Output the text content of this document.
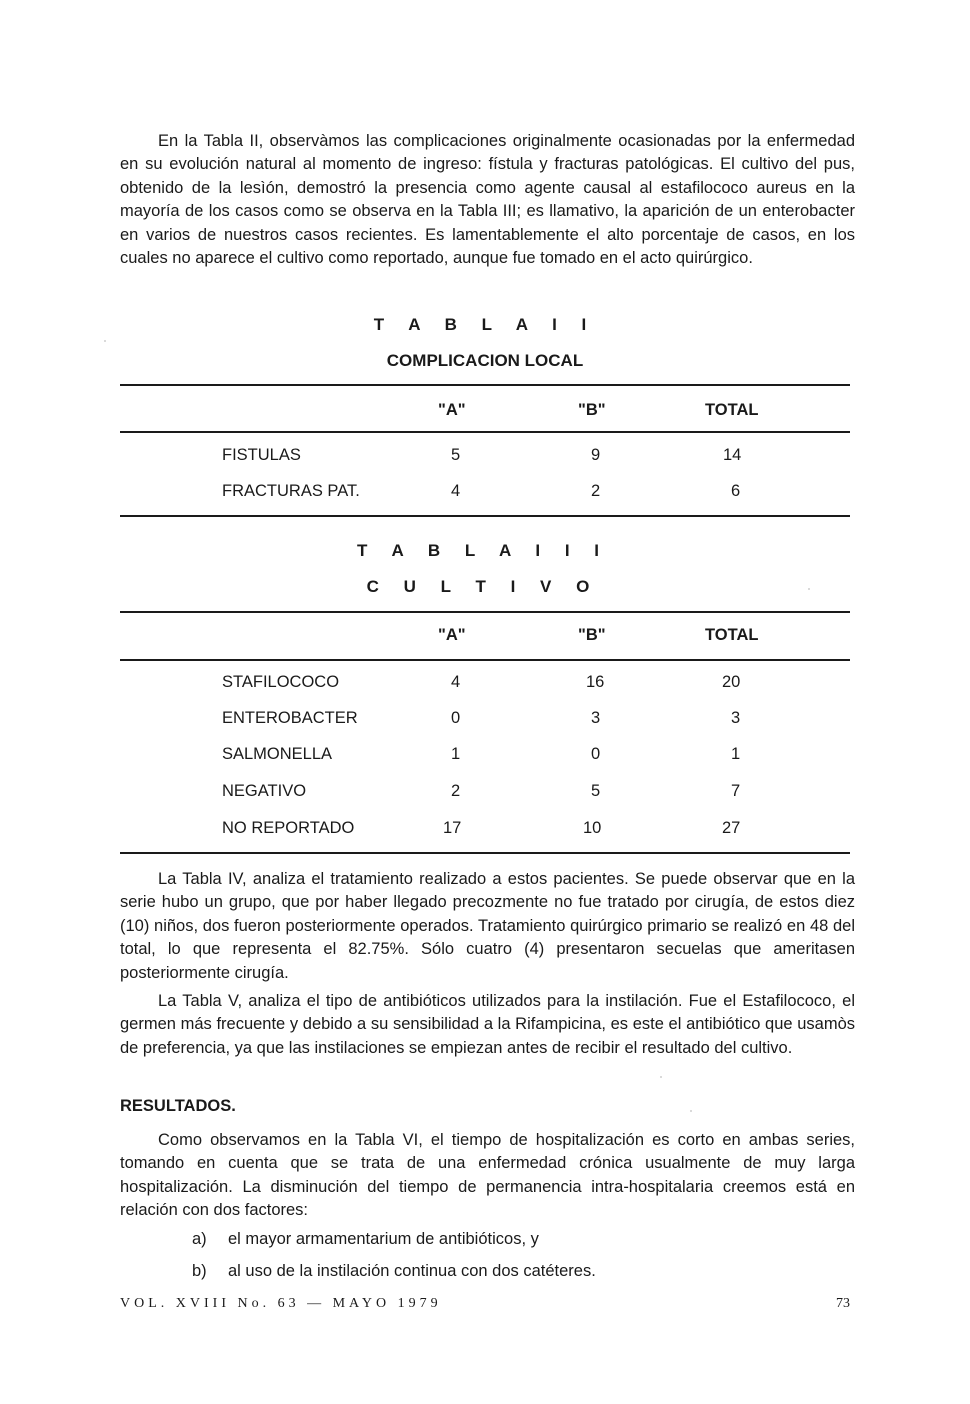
En la Tabla II, observàmos las complicaciones originalmente ocasionadas por la enfermedad en su evolución natural al momento de ingreso: fístula y fracturas patológicas. El cultivo del pus, obtenido de la lesìón, demostró la presencia como agente causal al estafilococo aureus en la mayoría de los casos como se observa en la Tabla III; es llamativo, la aparición de un enterobacter en varios de nuestros casos recientes. Es lamentablemente el alto porcentaje de casos, en los cuales no aparece el cultivo como reportado, aunque fue tomado en el acto quirúrgico.

T A B L A I I

COMPLICACION LOCAL

"A"	"B"	TOTAL
FISTULAS	5	9	14
FRACTURAS PAT.	4	2	6

T A B L A I I I

C U L T I V O

"A"	"B"	TOTAL
STAFILOCOCO	4	16	20
ENTEROBACTER	0	3	3
SALMONELLA	1	0	1
NEGATIVO	2	5	7
NO REPORTADO	17	10	27

La Tabla IV, analiza el tratamiento realizado a estos pacientes. Se puede observar que en la serie hubo un grupo, que por haber llegado precozmente no fue tratado por cirugía, de estos diez (10) niños, dos fueron posteriormente operados. Tratamiento quirúrgico primario se realizó en 48 del total, lo que representa el 82.75%. Sólo cuatro (4) presentaron secuelas que ameritasen posteriormente cirugía.

La Tabla V, analiza el tipo de antibióticos utilizados para la instilación. Fue el Estafilococo, el germen más frecuente y debido a su sensibilidad a la Rifampicina, es este el antibiótico que usamòs de preferencia, ya que las instilaciones se empiezan antes de recibir el resultado del cultivo.

RESULTADOS.

Como observamos en la Tabla VI, el tiempo de hospitalización es corto en ambas series, tomando en cuenta que se trata de una enfermedad crónica usualmente de muy larga hospitalización. La disminución del tiempo de permanencia intra-hospitalaria creemos está en relación con dos factores:

a) el mayor armamentarium de antibióticos, y
b) al uso de la instilación continua con dos catéteres.
VOL. XVIII No. 63 — MAYO 1979	73
